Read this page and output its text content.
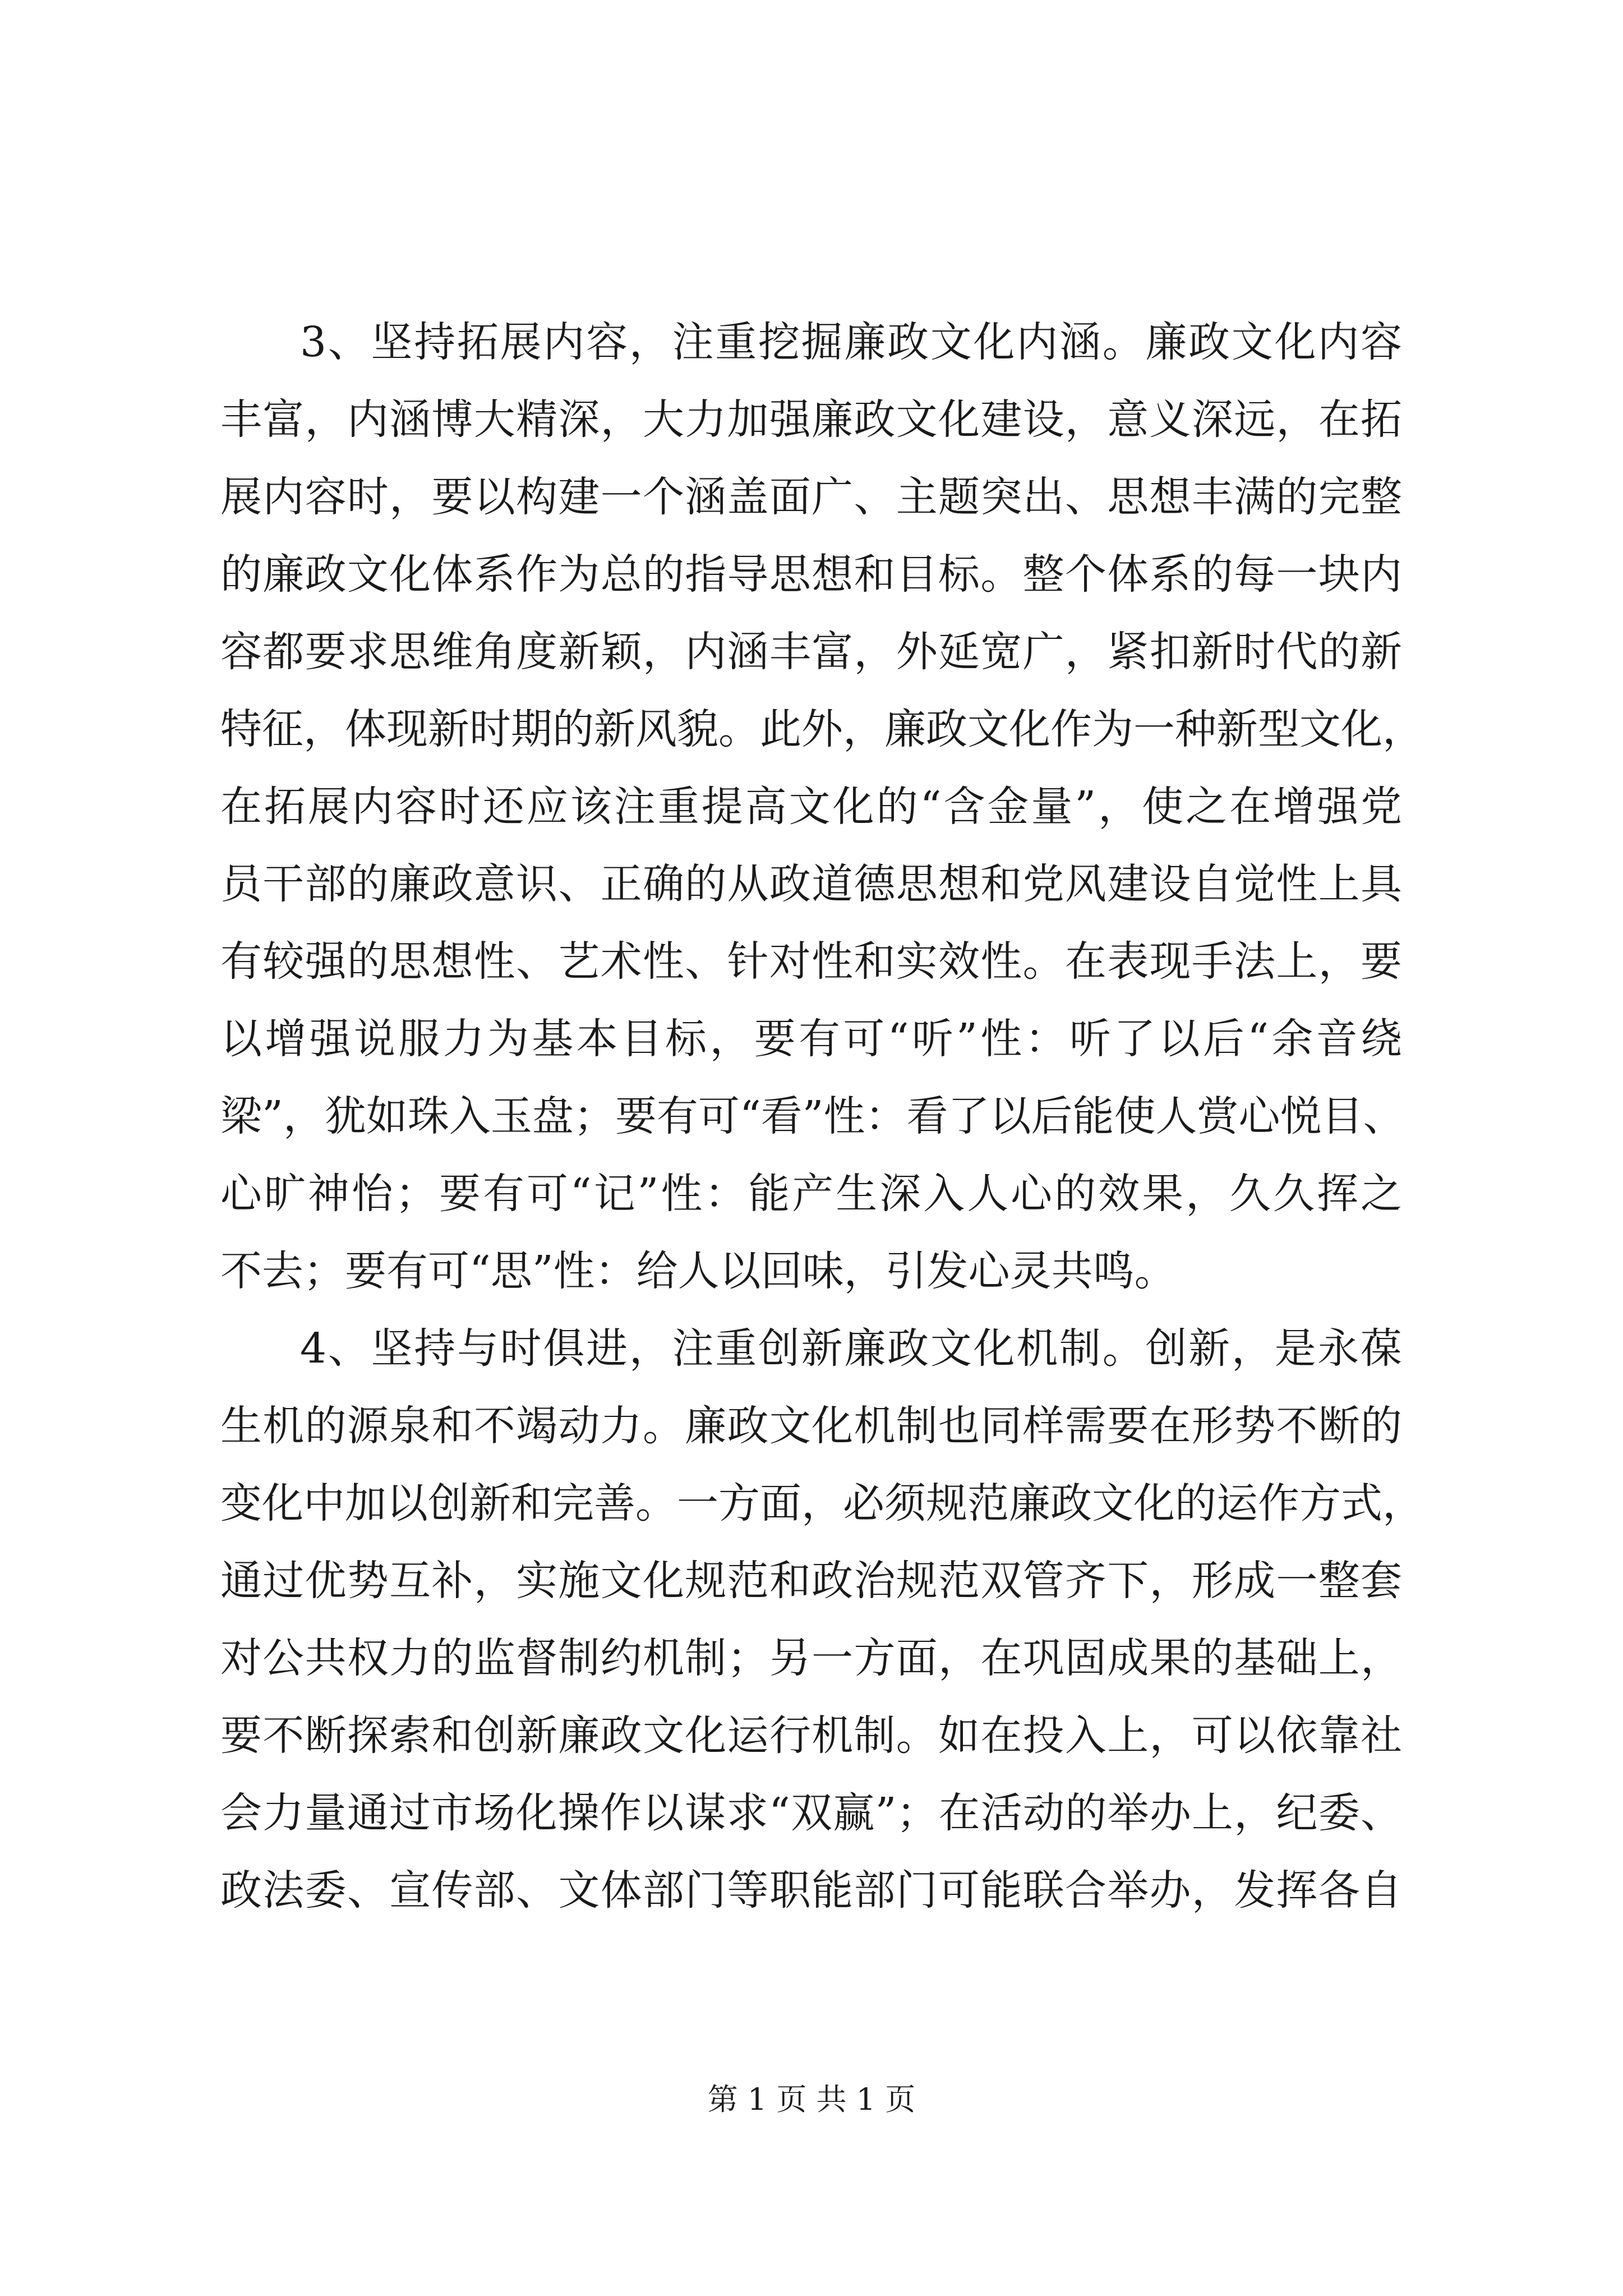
3、坚持拓展内容，注重挖掘廉政文化内涵。廉政文化内容
丰富，内涵博大精深，大力加强廉政文化建设，意义深远，在拓
展内容时，要以构建一个涵盖面广、主题突出、思想丰满的完整
的廉政文化体系作为总的指导思想和目标。整个体系的每一块内
容都要求思维角度新颖，内涵丰富，外延宽广，紧扣新时代的新
特征，体现新时期的新风貌。此外，廉政文化作为一种新型文化，
在拓展内容时还应该注重提高文化的“含金量”，使之在增强党
员干部的廉政意识、正确的从政道德思想和党风建设自觉性上具
有较强的思想性、艺术性、针对性和实效性。在表现手法上，要
以增强说服力为基本目标，要有可“听”性：听了以后“余音绕
梁”，犹如珠入玉盘；要有可“看”性：看了以后能使人赏心悦目、
心旷神怡；要有可“记”性：能产生深入人心的效果，久久挥之
不去；要有可“思”性：给人以回味，引发心灵共鸣。
4、坚持与时俱进，注重创新廉政文化机制。创新，是永葆
生机的源泉和不竭动力。廉政文化机制也同样需要在形势不断的
变化中加以创新和完善。一方面，必须规范廉政文化的运作方式，
通过优势互补，实施文化规范和政治规范双管齐下，形成一整套
对公共权力的监督制约机制；另一方面，在巩固成果的基础上，
要不断探索和创新廉政文化运行机制。如在投入上，可以依靠社
会力量通过市场化操作以谋求“双赢”；在活动的举办上，纪委、
政法委、宣传部、文体部门等职能部门可能联合举办，发挥各自
第 1 页 共 1 页
